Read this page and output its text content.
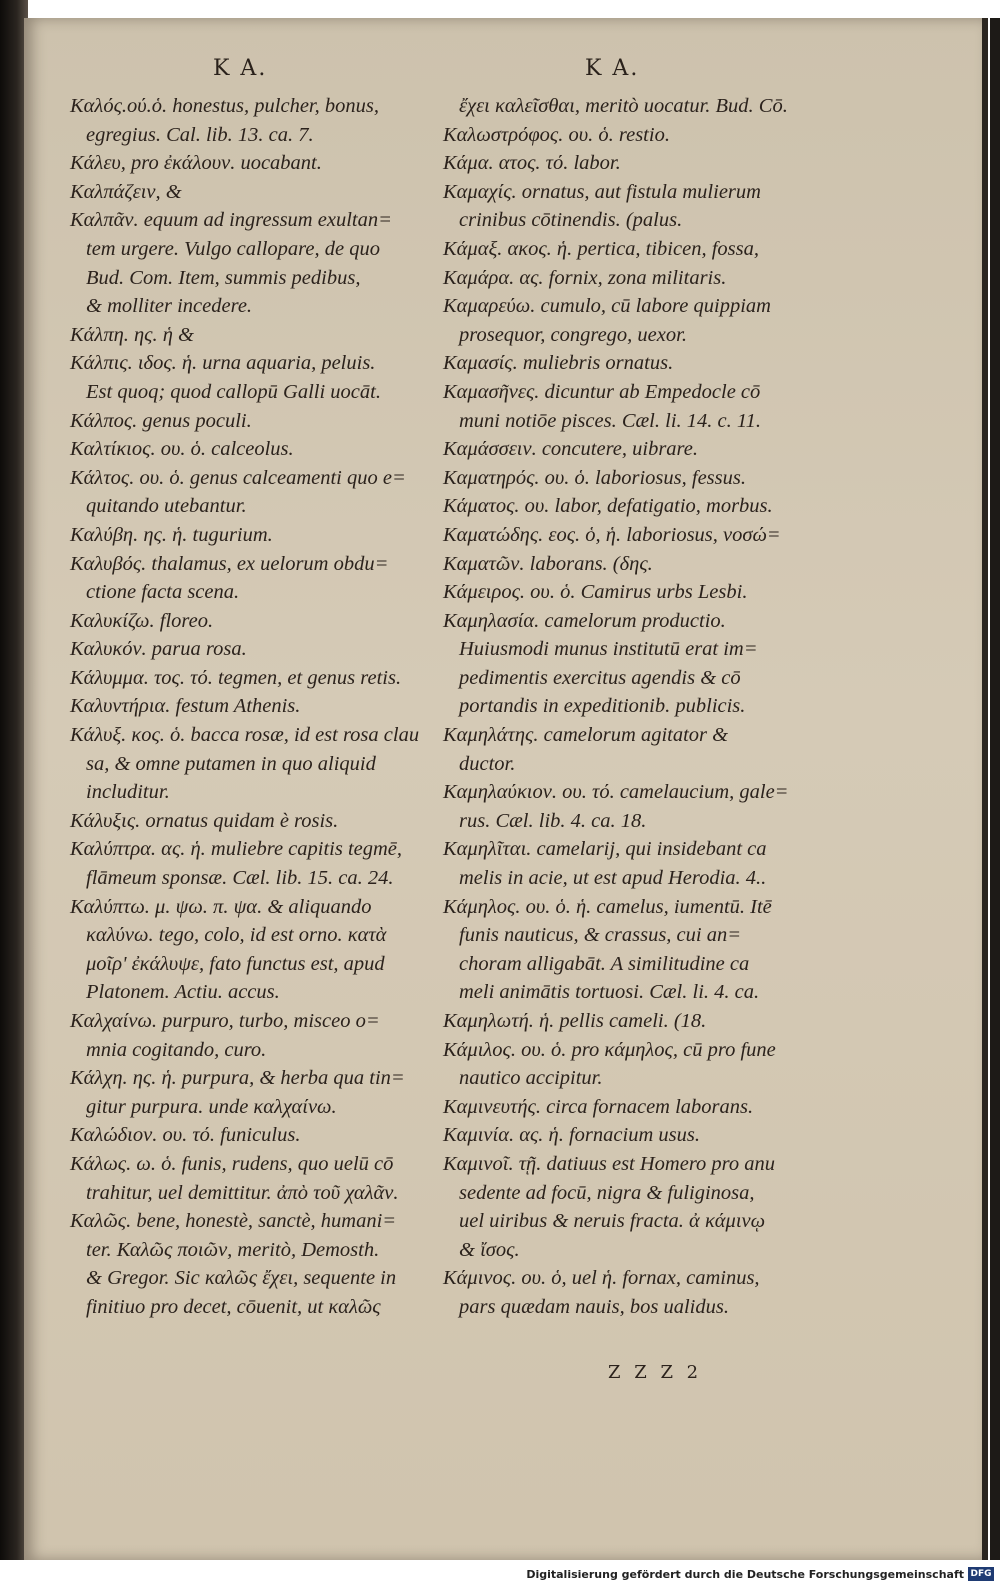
K A.	K A.
Kαλός.ού.ὁ. honestus, pulcher, bonus,
egregius. Cal. lib. 13. ca. 7.
Kάλευ, pro ἐκάλουν. uocabant.
Kαλπάζειν, &
Kαλπᾶν. equum ad ingressum exultan=
tem urgere. Vulgo callopare, de quo
Bud. Com. Item, summis pedibus,
& molliter incedere.
Kάλπη. ης. ἡ &
Kάλπις. ιδος. ἡ. urna aquaria, peluis.
Est quoq; quod callopū Galli uocāt.
Kάλπος. genus poculi.
Kαλτίκιος. ου. ὁ. calceolus.
Kάλτος. ου. ὁ. genus calceamenti quo e=
quitando utebantur.
Kαλύβη. ης. ἡ. tugurium.
Kαλυβός. thalamus, ex uelorum obdu=
ctione facta scena.
Kαλυκίζω. floreo.
Kαλυκόν. parua rosa.
Kάλυμμα. τος. τό. tegmen, et genus retis.
Kαλυντήρια. festum Athenis.
Kάλυξ. κος. ὁ. bacca rosæ, id est rosa clau
sa, & omne putamen in quo aliquid
includitur.
Kάλυξις. ornatus quidam è rosis.
Kαλύπτρα. ας. ἡ. muliebre capitis tegmē,
flāmeum sponsæ. Cæl. lib. 15. ca. 24.
Kαλύπτω. μ. ψω. π. ψα. & aliquando
καλύνω. tego, colo, id est orno. κατὰ
μοῖρ' ἐκάλυψε, fato functus est, apud
Platonem. Actiu. accus.
Kαλχαίνω. purpuro, turbo, misceo o=
mnia cogitando, curo.
Kάλχη. ης. ἡ. purpura, & herba qua tin=
gitur purpura. unde καλχαίνω.
Kαλώδιον. ου. τό. funiculus.
Kάλως. ω. ὁ. funis, rudens, quo uelū cō
trahitur, uel demittitur. ἀπὸ τοῦ χαλᾶν.
Kαλῶς. bene, honestè, sanctè, humani=
ter. Καλῶς ποιῶν, meritò, Demosth.
& Gregor. Sic καλῶς ἔχει, sequente in
finitiuo pro decet, cōuenit, ut καλῶς
ἔχει καλεῖσθαι, meritò uocatur. Bud. Cō.
Kαλωστρόφος. ου. ὁ. restio.
Kάμα. ατος. τό. labor.
Kαμαχίς. ornatus, aut fistula mulierum
crinibus cōtinendis. (palus.
Kάμαξ. ακος. ἡ. pertica, tibicen, fossa,
Kαμάρα. ας. fornix, zona militaris.
Kαμαρεύω. cumulo, cū labore quippiam
prosequor, congrego, uexor.
Kαμασίς. muliebris ornatus.
Kαμασῆνες. dicuntur ab Empedocle cō
muni notiōe pisces. Cæl. li. 14. c. 11.
Kαμάσσειν. concutere, uibrare.
Kαματηρός. ου. ὁ. laboriosus, fessus.
Kάματος. ου. labor, defatigatio, morbus.
Kαματώδης. εος. ὁ, ἡ. laboriosus, νοσώ=
Kαματῶν. laborans. (δης.
Kάμειρος. ου. ὁ. Camirus urbs Lesbi.
Kαμηλασία. camelorum productio.
Huiusmodi munus institutū erat im=
pedimentis exercitus agendis & cō
portandis in expeditionib. publicis.
Kαμηλάτης. camelorum agitator &
ductor.
Kαμηλαύκιον. ου. τό. camelaucium, gale=
rus. Cæl. lib. 4. ca. 18.
Kαμηλῖται. camelarij, qui insidebant ca
melis in acie, ut est apud Herodia. 4..
Kάμηλος. ου. ὁ. ἡ. camelus, iumentū. Itē
funis nauticus, & crassus, cui an=
choram alligabāt. A similitudine ca
meli animātis tortuosi. Cæl. li. 4. ca.
Kαμηλωτή. ἡ. pellis cameli. (18.
Kάμιλος. ου. ὁ. pro κάμηλος, cū pro fune
nautico accipitur.
Kαμινευτής. circa fornacem laborans.
Kαμινία. ας. ἡ. fornacium usus.
Kαμινοῖ. τῇ. datiuus est Homero pro anu
sedente ad focū, nigra & fuliginosa,
uel uiribus & neruis fracta. ἀ κάμινῳ
& ἴσος.
Kάμινος. ου. ὁ, uel ἡ. fornax, caminus,
pars quædam nauis, bos ualidus.
Z Z Z 2
Digitalisierung gefördert durch die Deutsche Forschungsgemeinschaft DFG
